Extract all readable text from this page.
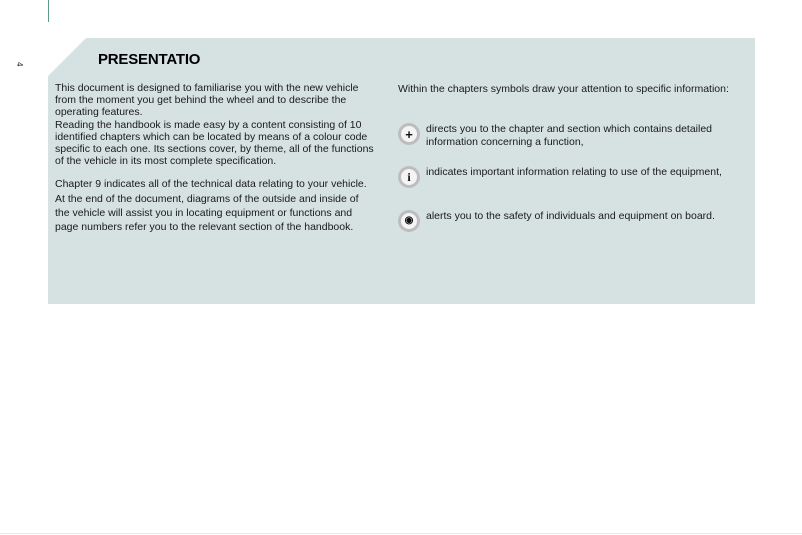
4	PRESENTATIO

This document is designed to familiarise you with the new vehicle from the moment you get behind the wheel and to describe the operating features.

Reading the handbook is made easy by a content consisting of 10 identified chapters which can be located by means of a colour code specific to each one. Its sections cover, by theme, all of the functions of the vehicle in its most complete specification.

Chapter 9 indicates all of the technical data relating to your vehicle. At the end of the document, diagrams of the outside and inside of the vehicle will assist you in locating equipment or functions and page numbers refer you to the relevant section of the handbook.

Within the chapters symbols draw your attention to specific information:

+	directs you to the chapter and section which contains detailed information concerning a function,
i	indicates important information relating to use of the equipment,
◉	alerts you to the safety of individuals and equipment on board.
